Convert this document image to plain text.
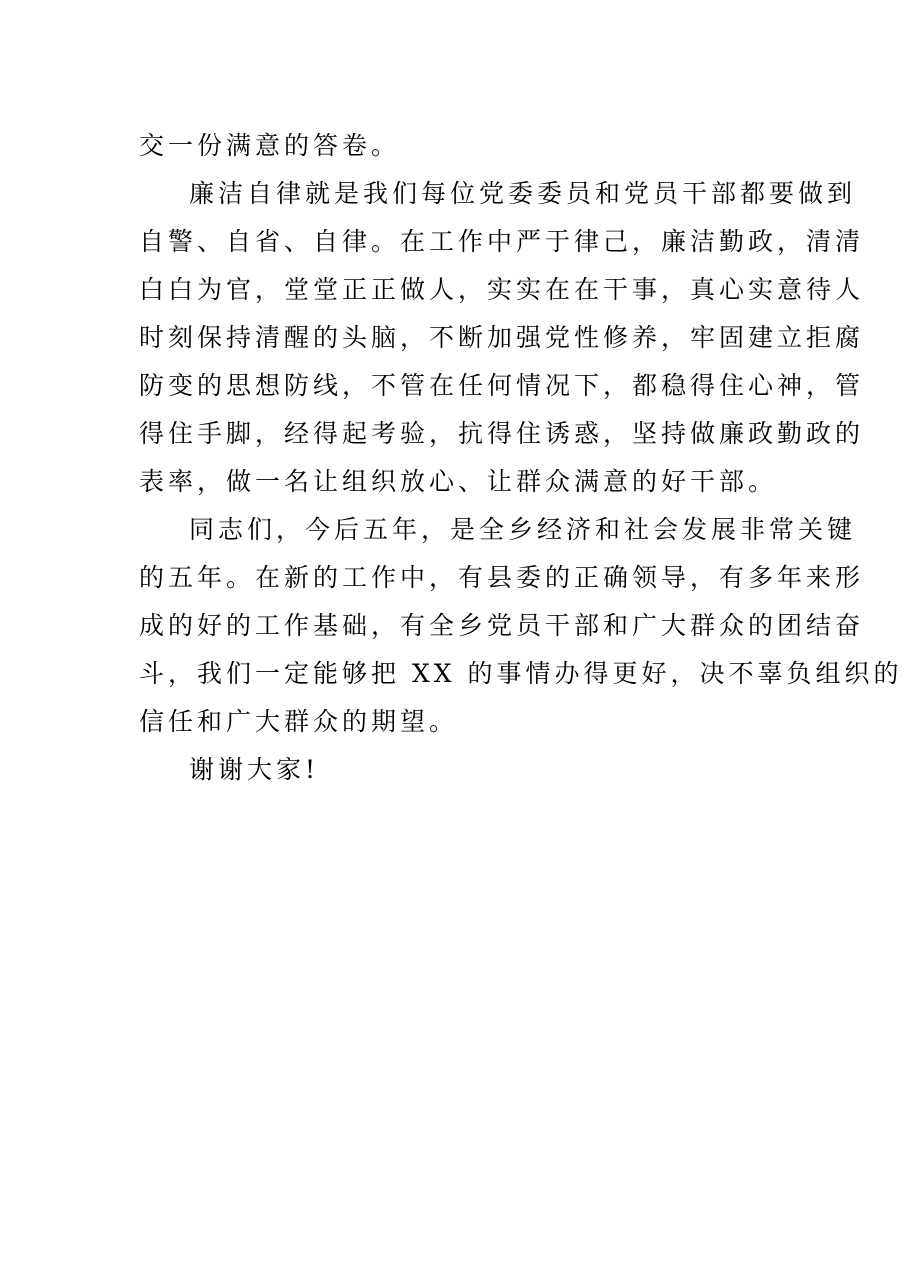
交一份满意的答卷。
廉洁自律就是我们每位党委委员和党员干部都要做到
自警、自省、自律。在工作中严于律己，廉洁勤政，清清
白白为官，堂堂正正做人，实实在在干事，真心实意待人
时刻保持清醒的头脑，不断加强党性修养，牢固建立拒腐
防变的思想防线，不管在任何情况下，都稳得住心神，管
得住手脚，经得起考验，抗得住诱惑，坚持做廉政勤政的
表率，做一名让组织放心、让群众满意的好干部。
同志们，今后五年，是全乡经济和社会发展非常关键
的五年。在新的工作中，有县委的正确领导，有多年来形
成的好的工作基础，有全乡党员干部和广大群众的团结奋
斗，我们一定能够把 XX 的事情办得更好，决不辜负组织的
信任和广大群众的期望。
谢谢大家!
